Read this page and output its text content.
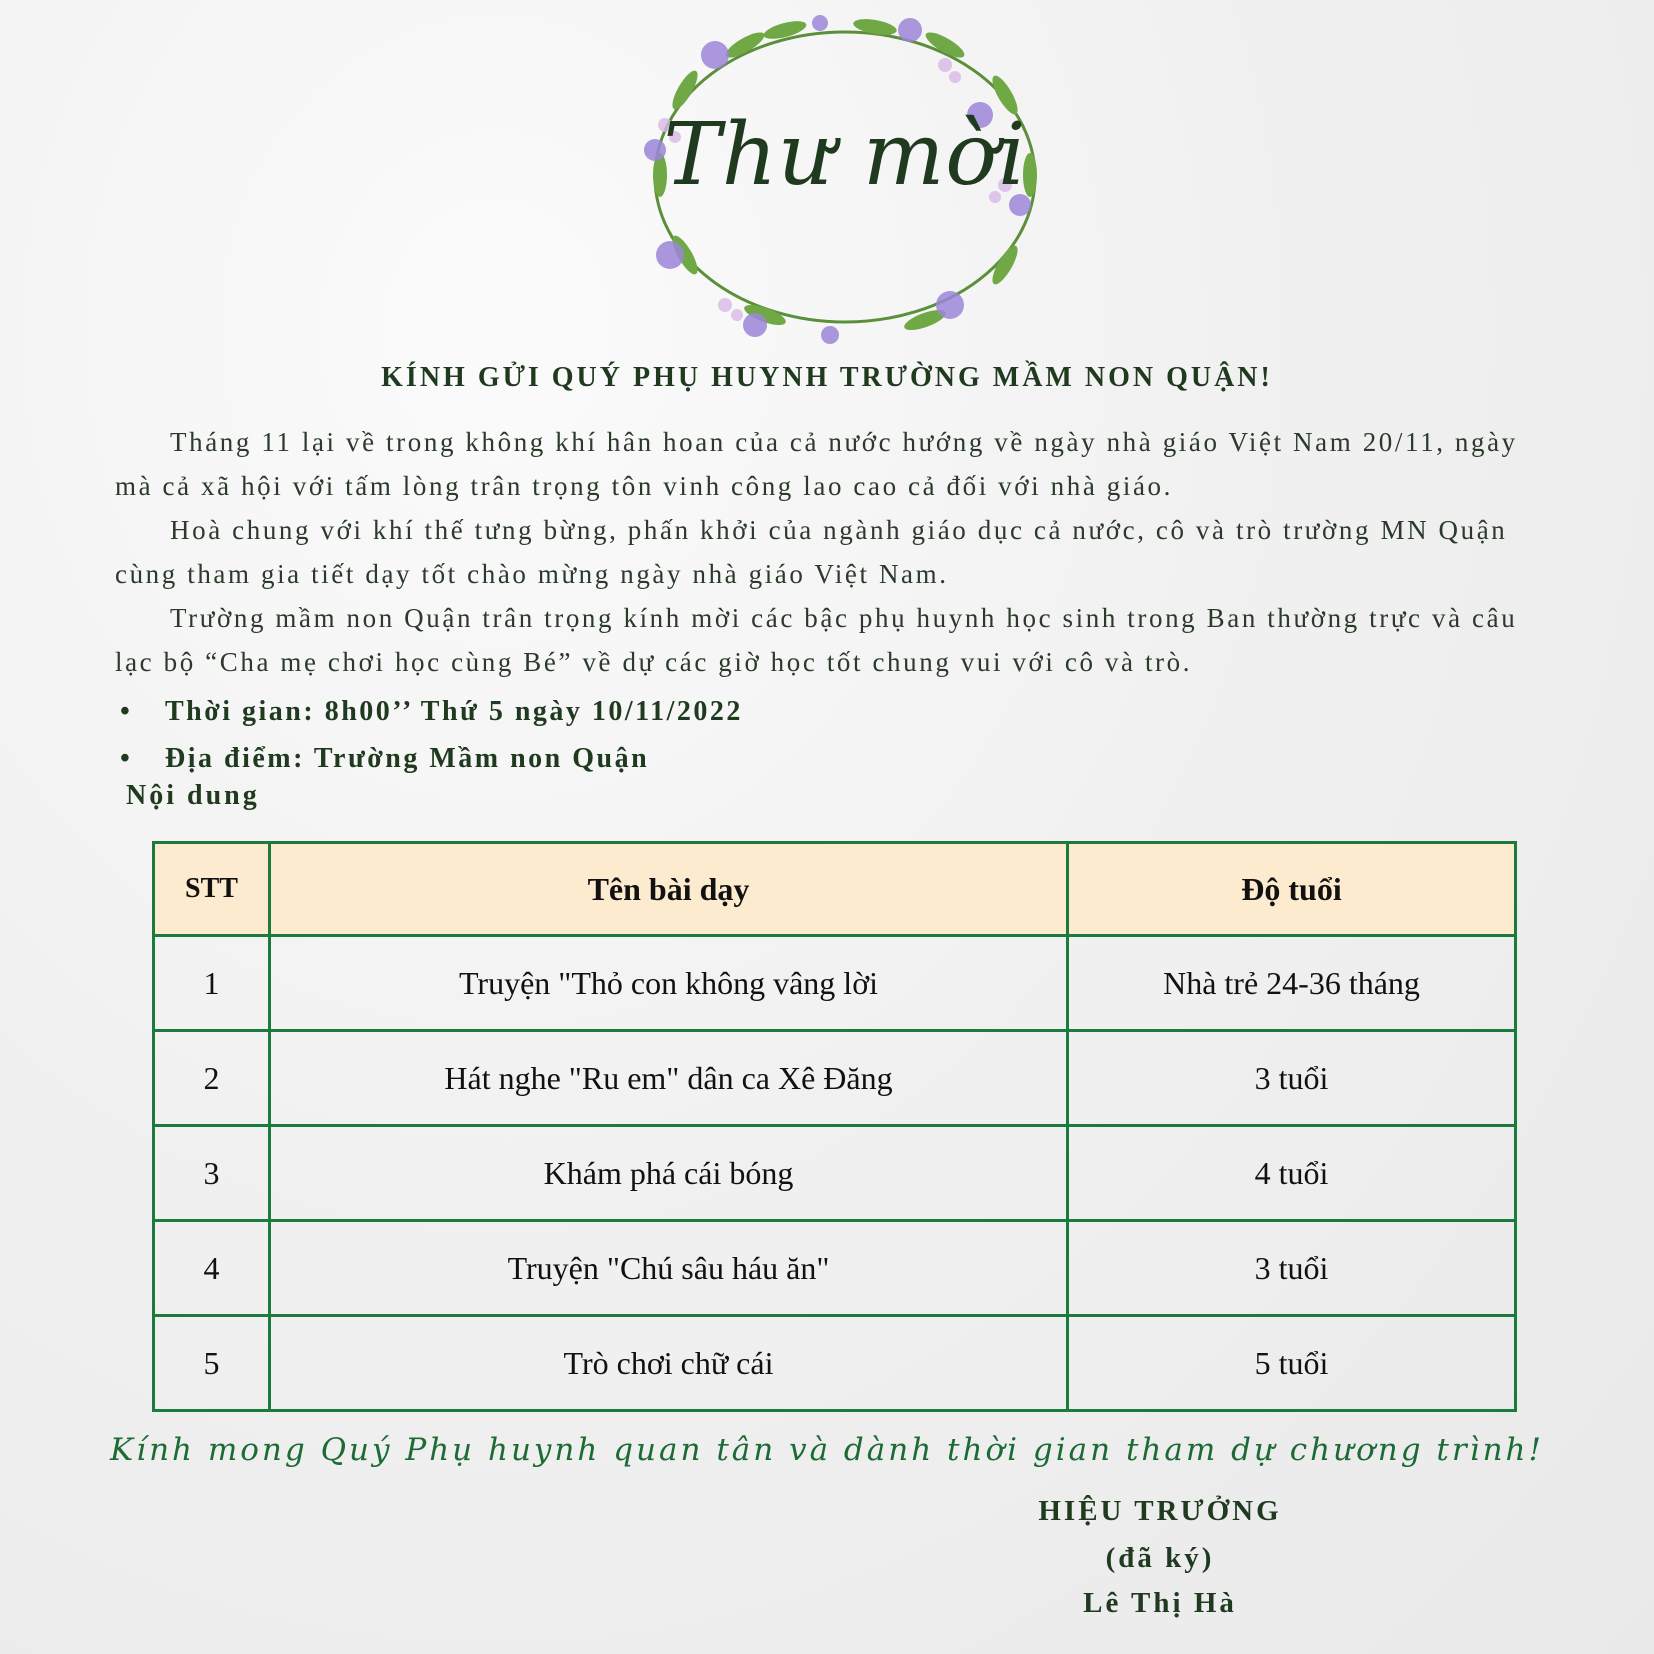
Thư mời
KÍNH GỬI QUÝ PHỤ HUYNH TRƯỜNG MẦM NON QUẬN!

Tháng 11 lại về trong không khí hân hoan của cả nước hướng về ngày nhà giáo Việt Nam 20/11, ngày mà cả xã hội với tấm lòng trân trọng tôn vinh công lao cao cả đối với nhà giáo.

Hoà chung với khí thế tưng bừng, phấn khởi của ngành giáo dục cả nước, cô và trò trường MN Quận cùng tham gia tiết dạy tốt chào mừng ngày nhà giáo Việt Nam.

Trường mầm non Quận trân trọng kính mời các bậc phụ huynh học sinh trong Ban thường trực và câu lạc bộ “Cha mẹ chơi học cùng Bé” về dự các giờ học tốt chung vui với cô và trò.

• Thời gian: 8h00’’ Thứ 5 ngày 10/11/2022
• Địa điểm: Trường Mầm non Quận
Nội dung
STT	Tên bài dạy	Độ tuổi
1	Truyện "Thỏ con không vâng lời	Nhà trẻ 24-36 tháng
2	Hát nghe "Ru em" dân ca Xê Đăng	3 tuổi
3	Khám phá cái bóng	4 tuổi
4	Truyện "Chú sâu háu ăn"	3 tuổi
5	Trò chơi chữ cái	5 tuổi
Kính mong Quý Phụ huynh quan tân và dành thời gian tham dự chương trình!
HIỆU TRƯỞNG
(đã ký)
Lê Thị Hà
